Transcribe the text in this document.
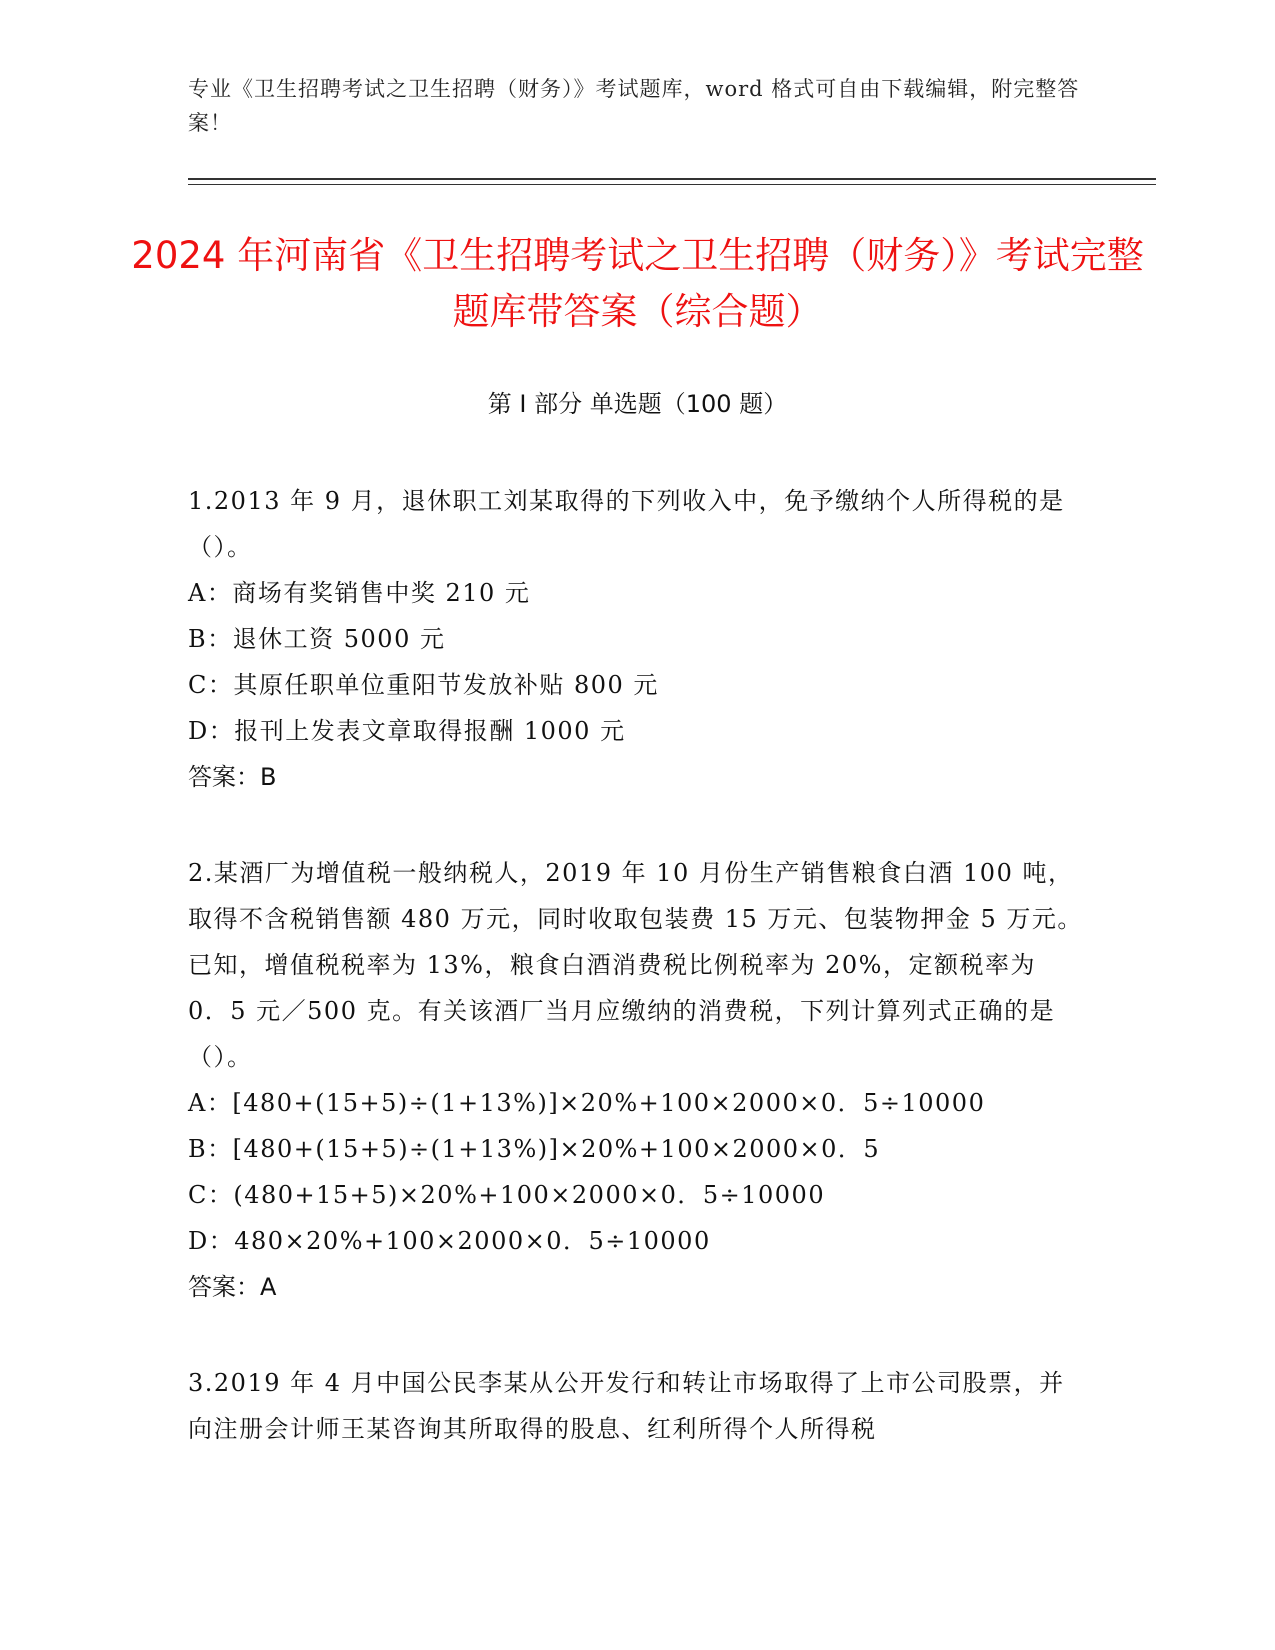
专业《卫生招聘考试之卫生招聘（财务）》考试题库，word 格式可自由下载编辑，附完整答案！
2024 年河南省《卫生招聘考试之卫生招聘（财务）》考试完整题库带答案（综合题）
第 I 部分 单选题（100 题）

1.2013 年 9 月，退休职工刘某取得的下列收入中，免予缴纳个人所得税的是（）。

A：商场有奖销售中奖 210 元

B：退休工资 5000 元

C：其原任职单位重阳节发放补贴 800 元

D：报刊上发表文章取得报酬 1000 元

答案：B

2.某酒厂为增值税一般纳税人，2019 年 10 月份生产销售粮食白酒 100 吨，取得不含税销售额 480 万元，同时收取包装费 15 万元、包装物押金 5 万元。已知，增值税税率为 13%，粮食白酒消费税比例税率为 20%，定额税率为 0．5 元／500 克。有关该酒厂当月应缴纳的消费税，下列计算列式正确的是（）。

A：[480+(15+5)÷(1+13%)]×20%+100×2000×0．5÷10000

B：[480+(15+5)÷(1+13%)]×20%+100×2000×0．5

C：(480+15+5)×20%+100×2000×0．5÷10000

D：480×20%+100×2000×0．5÷10000

答案：A

3.2019 年 4 月中国公民李某从公开发行和转让市场取得了上市公司股票，并向注册会计师王某咨询其所取得的股息、红利所得个人所得税
